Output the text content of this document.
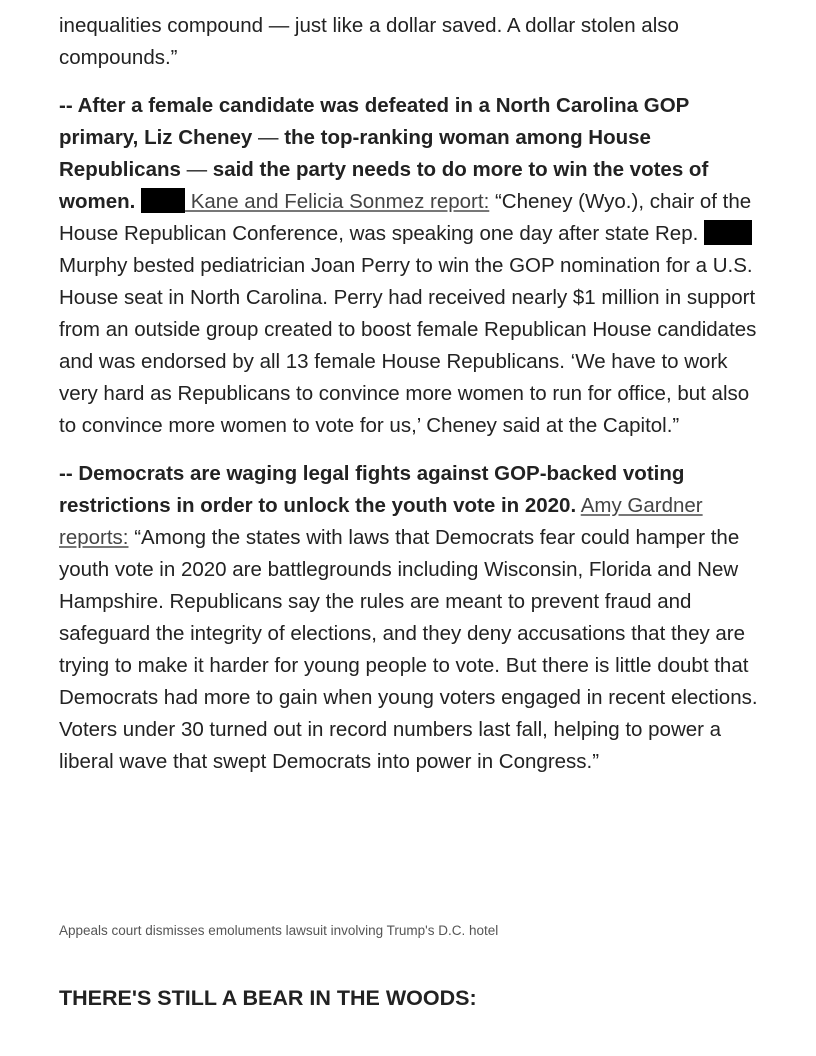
inequalities compound — just like a dollar saved. A dollar stolen also compounds.”

-- After a female candidate was defeated in a North Carolina GOP primary, Liz Cheney — the top-ranking woman among House Republicans — said the party needs to do more to win the votes of women.  Kane and Felicia Sonmez report: “Cheney (Wyo.), chair of the House Republican Conference, was speaking one day after state Rep.  Murphy bested pediatrician Joan Perry to win the GOP nomination for a U.S. House seat in North Carolina. Perry had received nearly $1 million in support from an outside group created to boost female Republican House candidates and was endorsed by all 13 female House Republicans. ‘We have to work very hard as Republicans to convince more women to run for office, but also to convince more women to vote for us,’ Cheney said at the Capitol.”

-- Democrats are waging legal fights against GOP-backed voting restrictions in order to unlock the youth vote in 2020. Amy Gardner reports: “Among the states with laws that Democrats fear could hamper the youth vote in 2020 are battlegrounds including Wisconsin, Florida and New Hampshire. Republicans say the rules are meant to prevent fraud and safeguard the integrity of elections, and they deny accusations that they are trying to make it harder for young people to vote. But there is little doubt that Democrats had more to gain when young voters engaged in recent elections. Voters under 30 turned out in record numbers last fall, helping to power a liberal wave that swept Democrats into power in Congress.”

Appeals court dismisses emoluments lawsuit involving Trump's D.C. hotel
THERE'S STILL A BEAR IN THE WOODS:
